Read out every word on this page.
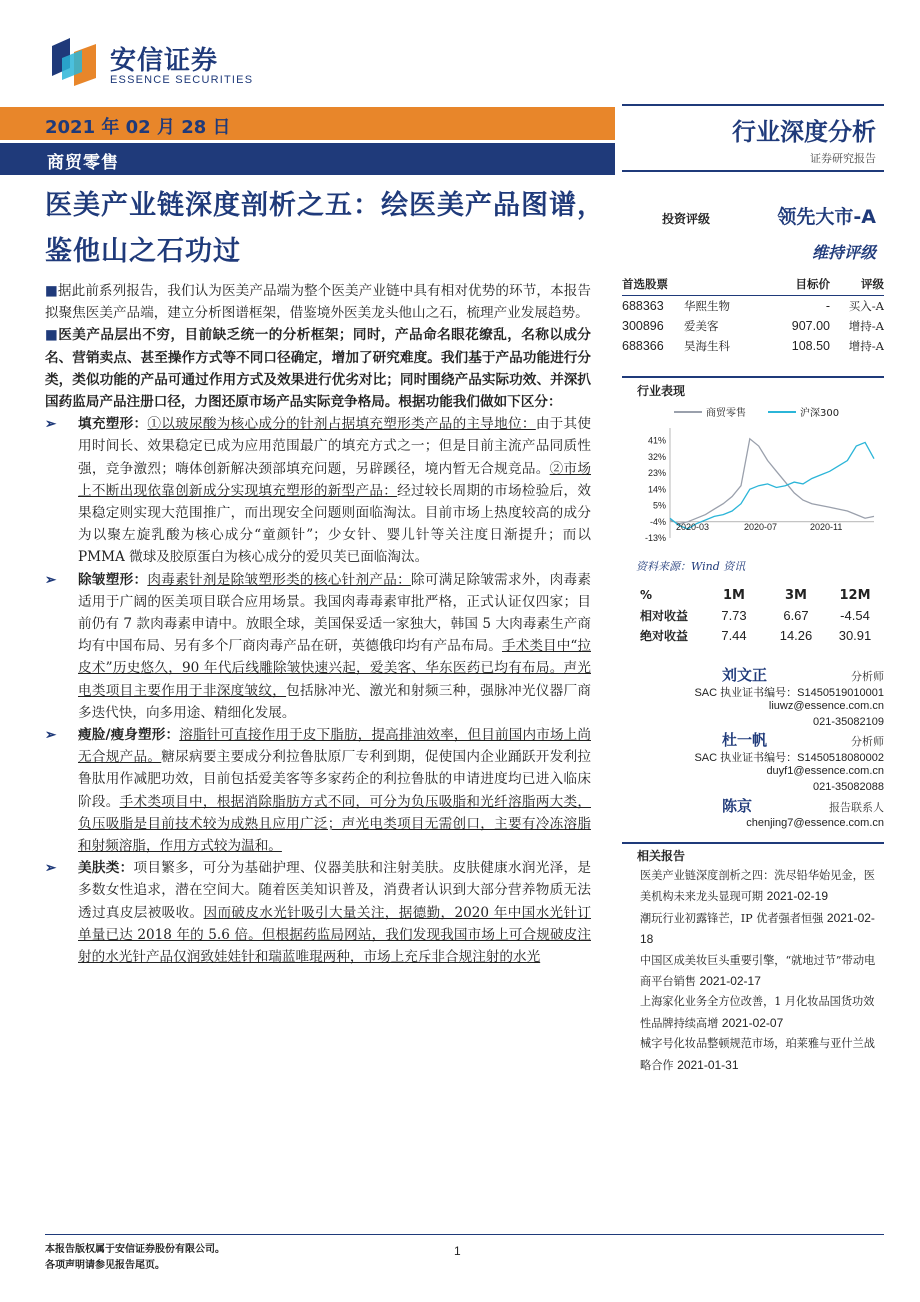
安信证券
ESSENCE SECURITIES
2021 年 02 月 28 日
商贸零售
行业深度分析
证券研究报告
医美产业链深度剖析之五：绘医美产品图谱，鉴他山之石功过

■据此前系列报告，我们认为医美产品端为整个医美产业链中具有相对优势的环节，本报告拟聚焦医美产品端，建立分析图谱框架，借鉴境外医美龙头他山之石，梳理产业发展趋势。

■医美产品层出不穷，目前缺乏统一的分析框架；同时，产品命名眼花缭乱，名称以成分名、营销卖点、甚至操作方式等不同口径确定，增加了研究难度。我们基于产品功能进行分类，类似功能的产品可通过作用方式及效果进行优劣对比；同时围绕产品实际功效、并深扒国药监局产品注册口径，力图还原市场产品实际竞争格局。根据功能我们做如下区分：

➢ 填充塑形：①以玻尿酸为核心成分的针剂占据填充塑形类产品的主导地位：由于其使用时间长、效果稳定已成为应用范围最广的填充方式之一；但是目前主流产品同质性强，竞争激烈；嗨体创新解决颈部填充问题，另辟蹊径，境内暂无合规竞品。②市场上不断出现依靠创新成分实现填充塑形的新型产品：经过较长周期的市场检验后，效果稳定则实现大范围推广，而出现安全问题则面临淘汰。目前市场上热度较高的成分为以聚左旋乳酸为核心成分“童颜针”；少女针、婴儿针等关注度日渐提升；而以 PMMA 微球及胶原蛋白为核心成分的爱贝芙已面临淘汰。

➢ 除皱塑形：肉毒素针剂是除皱塑形类的核心针剂产品：除可满足除皱需求外，肉毒素适用于广阔的医美项目联合应用场景。我国肉毒毒素审批严格，正式认证仅四家；目前仍有 7 款肉毒素申请中。放眼全球，美国保妥适一家独大，韩国 5 大肉毒素生产商均有中国布局、另有多个厂商肉毒产品在研，英德俄印均有产品布局。手术类目中“拉皮术”历史悠久，90 年代后线雕除皱快速兴起，爱美客、华东医药已均有布局。声光电类项目主要作用于非深度皱纹，包括脉冲光、激光和射频三种，强脉冲光仪器厂商多迭代快，向多用途、精细化发展。

➢ 瘦脸/瘦身塑形：溶脂针可直接作用于皮下脂肪，提高排油效率，但目前国内市场上尚无合规产品。糖尿病要主要成分利拉鲁肽原厂专利到期，促使国内企业踊跃开发利拉鲁肽用作减肥功效，目前包括爱美客等多家药企的利拉鲁肽的申请进度均已进入临床阶段。手术类项目中，根据消除脂肪方式不同，可分为负压吸脂和光纤溶脂两大类，负压吸脂是目前技术较为成熟且应用广泛；声光电类项目无需创口，主要有冷冻溶脂和射频溶脂，作用方式较为温和。

➢ 美肤类：项目繁多，可分为基础护理、仪器美肤和注射美肤。皮肤健康水润光泽，是多数女性追求，潜在空间大。随着医美知识普及，消费者认识到大部分营养物质无法透过真皮层被吸收。因而破皮水光针吸引大量关注，据德勤，2020 年中国水光针订单量已达 2018 年的 5.6 倍。但根据药监局网站，我们发现我国市场上可合规破皮注射的水光针产品仅润致娃娃针和瑞蓝唯琨两种，市场上充斥非合规注射的水光

投资评级	领先大市-A
维持评级
首选股票	目标价	评级
688363	华熙生物	-	买入-A
300896	爱美客	907.00	增持-A
688366	昊海生科	108.50	增持-A
行业表现
商贸零售	沪深300
41%
32%
23%
14%
5%
-4%
-13%
2020-03	2020-07	2020-11
资料来源：Wind 资讯
%	1M	3M	12M
相对收益	7.73	6.67	-4.54
绝对收益	7.44	14.26	30.91
刘文正	分析师
SAC 执业证书编号：S1450519010001
liuwz@essence.com.cn
021-35082109
杜一帆	分析师
SAC 执业证书编号：S1450518080002
duyf1@essence.com.cn
021-35082088
陈京	报告联系人
chenjing7@essence.com.cn
相关报告
医美产业链深度剖析之四：洗尽铅华始见金，医美机构未来龙头显现可期 2021-02-19
潮玩行业初露锋芒，IP 优者强者恒强 2021-02-18
中国区成美妆巨头重要引擎，“就地过节”带动电商平台销售 2021-02-17
上海家化业务全方位改善，1 月化妆品国货功效性品牌持续高增 2021-02-07
械字号化妆品整顿规范市场，珀莱雅与亚什兰战略合作 2021-01-31
本报告版权属于安信证券股份有限公司。
各项声明请参见报告尾页。
1
